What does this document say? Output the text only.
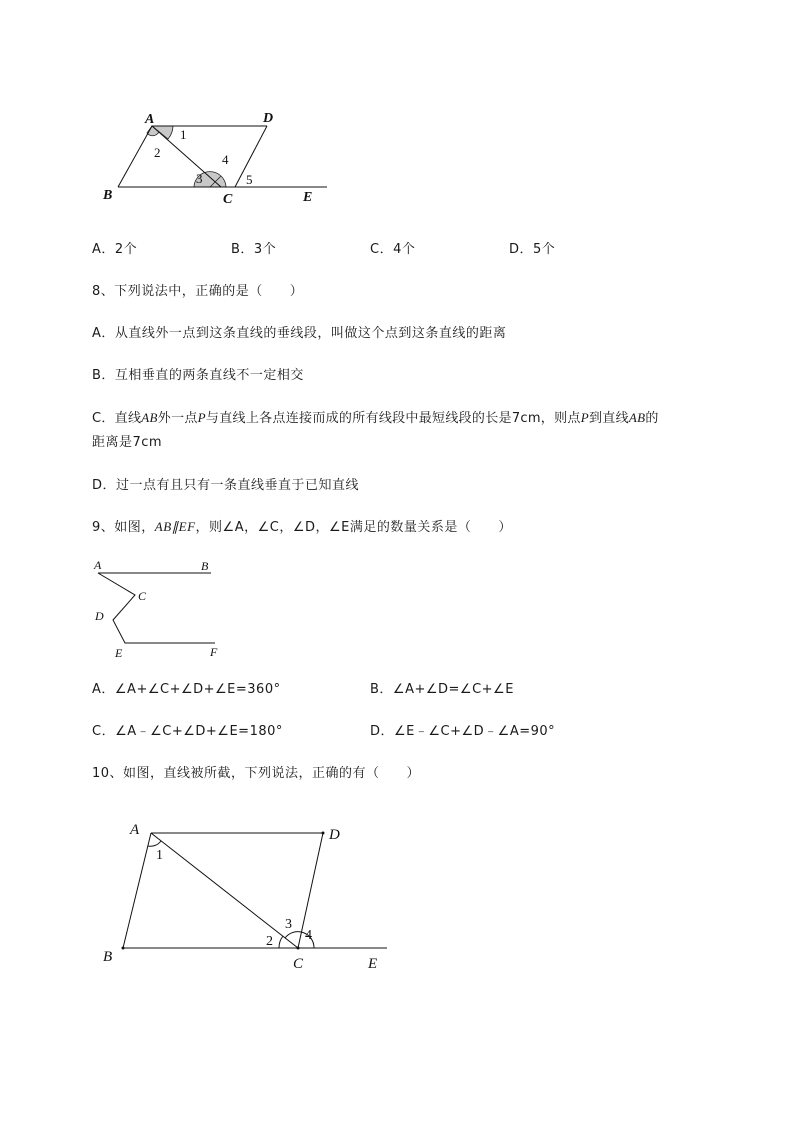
A	D
B	C	E
1
2
3
4
5
A．2个	B．3个	C．4个	D．5个
8、下列说法中，正确的是（　　）
A．从直线外一点到这条直线的垂线段，叫做这个点到这条直线的距离
B．互相垂直的两条直线不一定相交
C．直线AB外一点P与直线上各点连接而成的所有线段中最短线段的长是7cm，则点P到直线AB的
距离是7cm
D．过一点有且只有一条直线垂直于已知直线
9、如图，AB∥EF，则∠A，∠C，∠D，∠E满足的数量关系是（　　）
A	B
C
D
E	F
A．∠A+∠C+∠D+∠E=360°	B．∠A+∠D=∠C+∠E
C．∠A﹣∠C+∠D+∠E=180°	D．∠E﹣∠C+∠D﹣∠A=90°
10、如图，直线被所截，下列说法，正确的有（　　）
A	D
B	C	E
1
2
3
4
